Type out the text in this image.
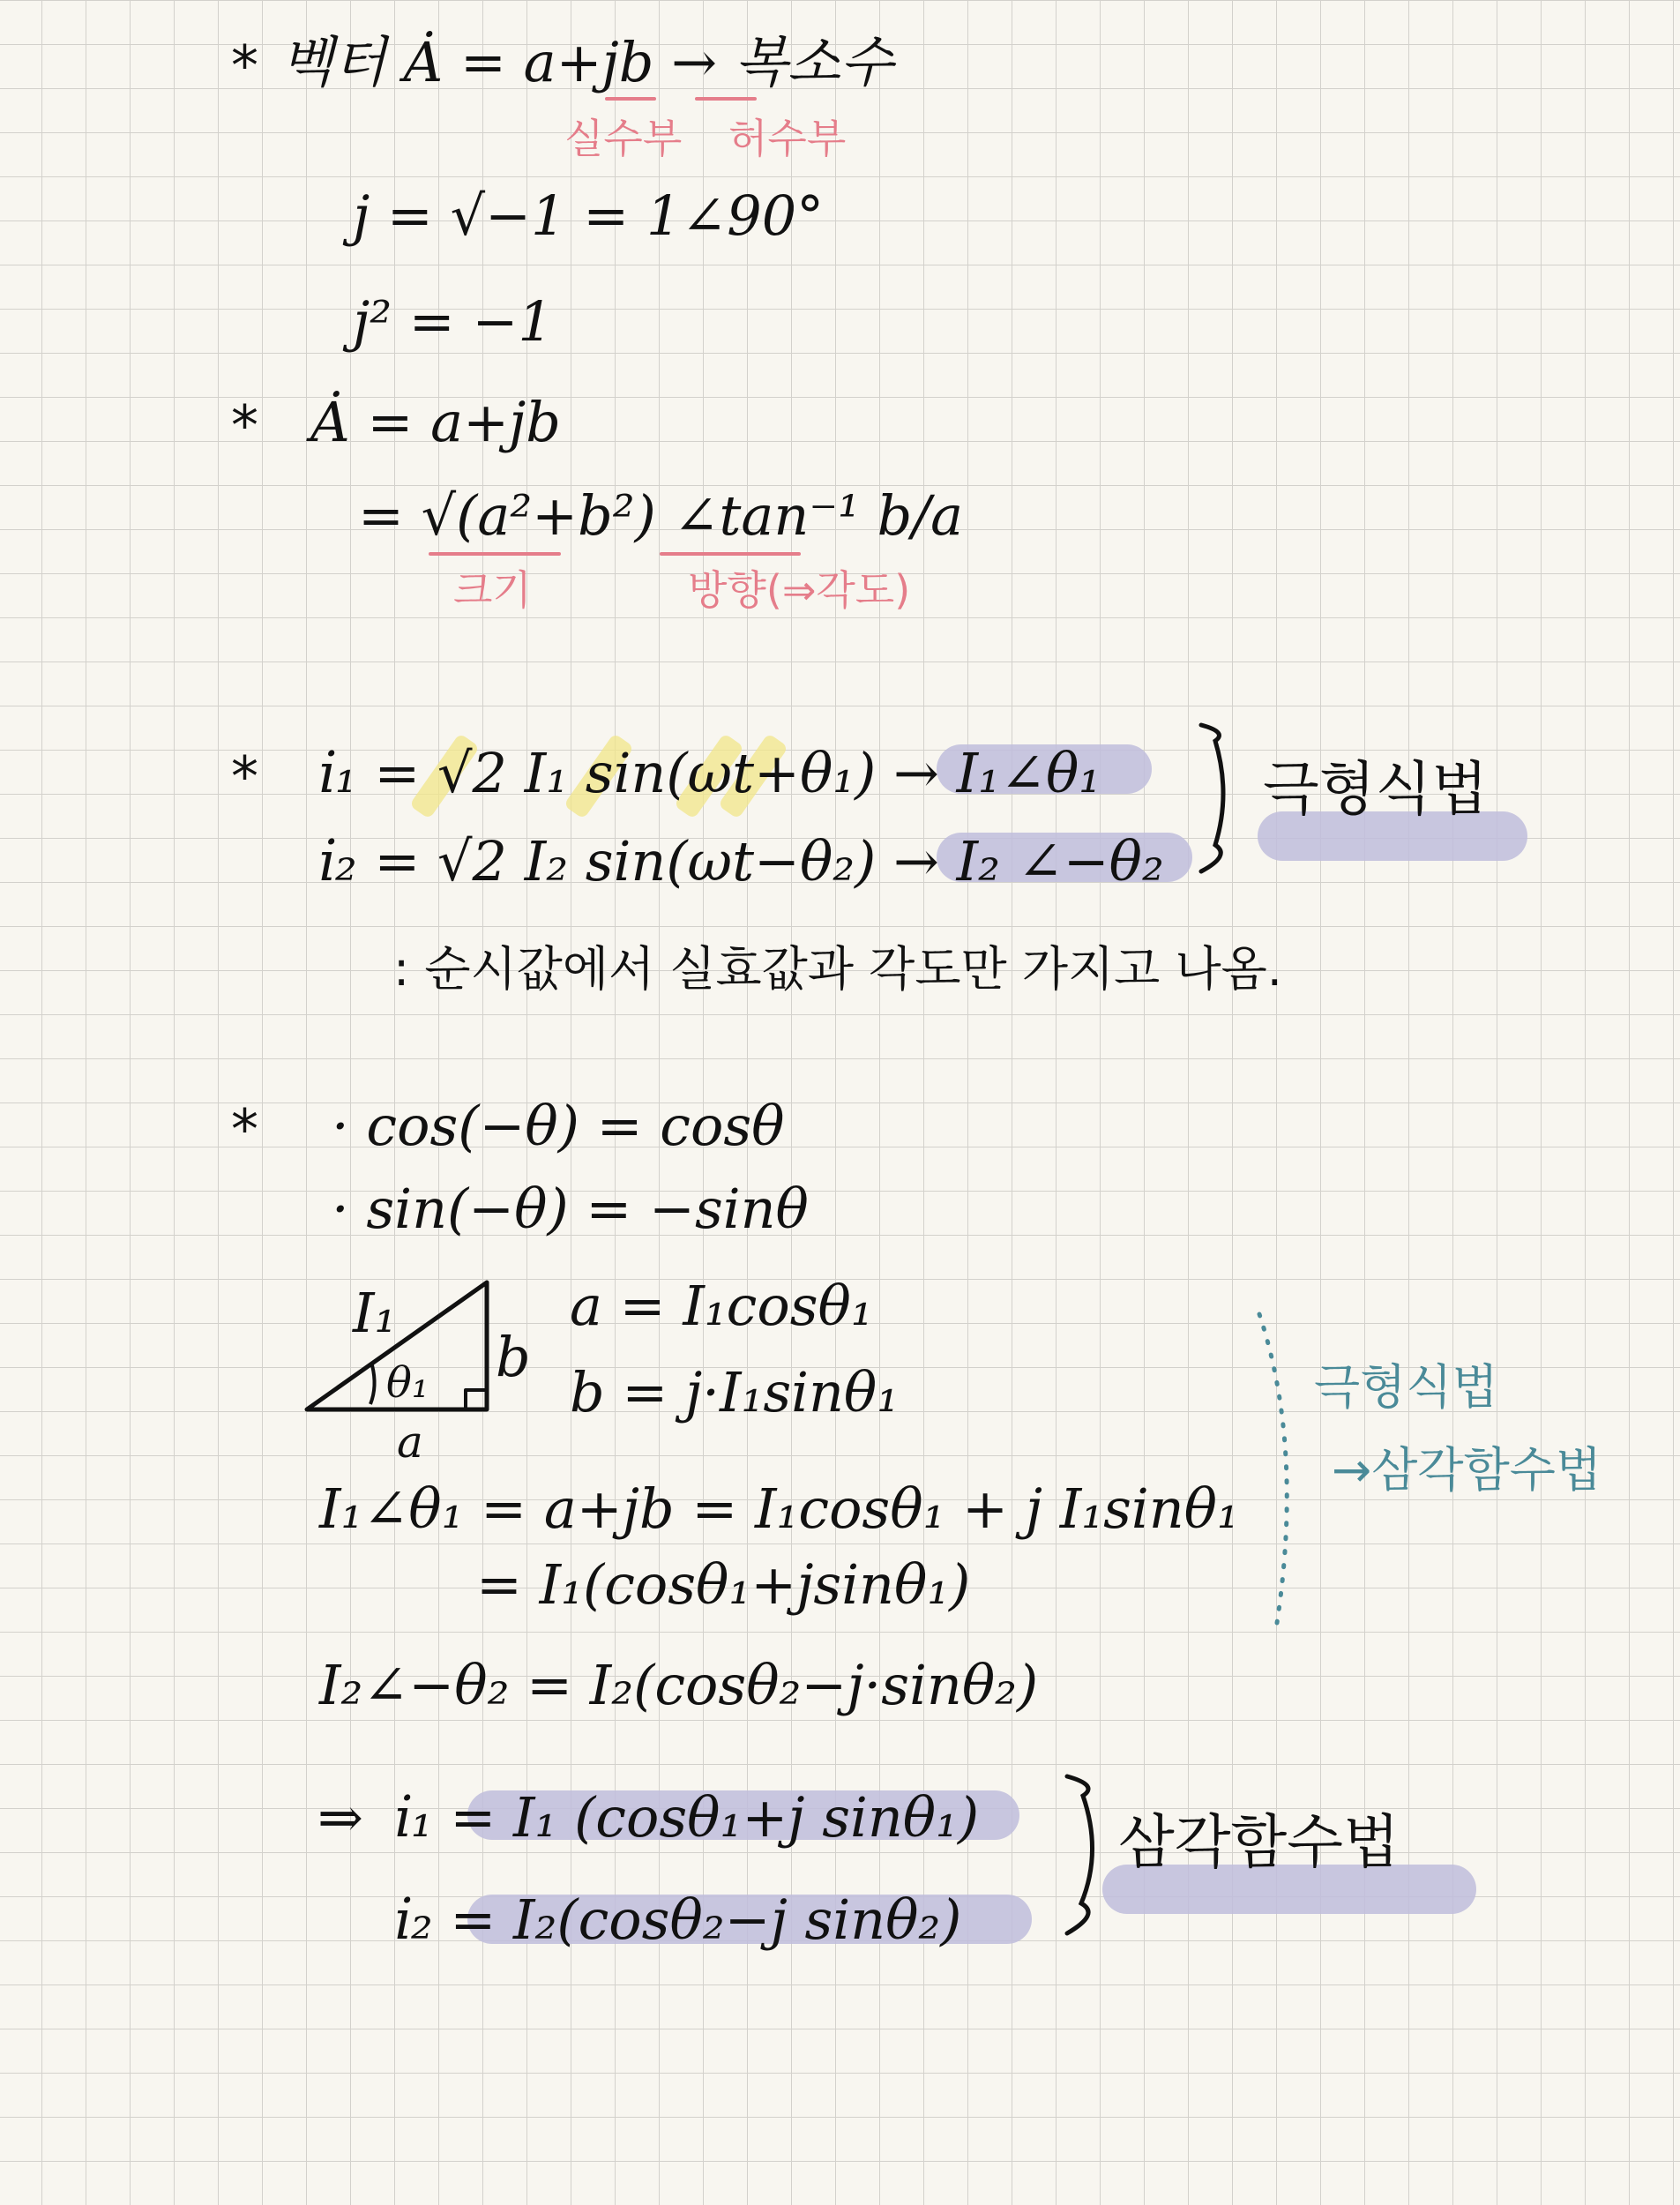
* 벡터 Ȧ = a+jb → 복소수
실수부 허수부
j = √−1 = 1∠90°
j² = −1
* Ȧ = a+jb
= √(a²+b²) ∠tan⁻¹ b/a
크기	방향(⇒각도)
* i̇₁ = √2 I₁ sin(ωt+θ₁) → I₁∠θ₁
i̇₂ = √2 I₂ sin(ωt−θ₂) → I₂ ∠−θ₂
극형식법
: 순시값에서 실효값과 각도만 가지고 나옴.
* · cos(−θ) = cosθ
· sin(−θ) = −sinθ
I₁
θ₁ b
a
a = I₁cosθ₁
b = j·I₁sinθ₁	극형식법
→삼각함수법
I₁∠θ₁ = a+jb = I₁cosθ₁ + j I₁sinθ₁
= I₁(cosθ₁+jsinθ₁)
I₂∠−θ₂ = I₂(cosθ₂−j·sinθ₂)
⇒ i̇₁ = I₁ (cosθ₁+j sinθ₁)
i̇₂ = I₂(cosθ₂−j sinθ₂)
삼각함수법
